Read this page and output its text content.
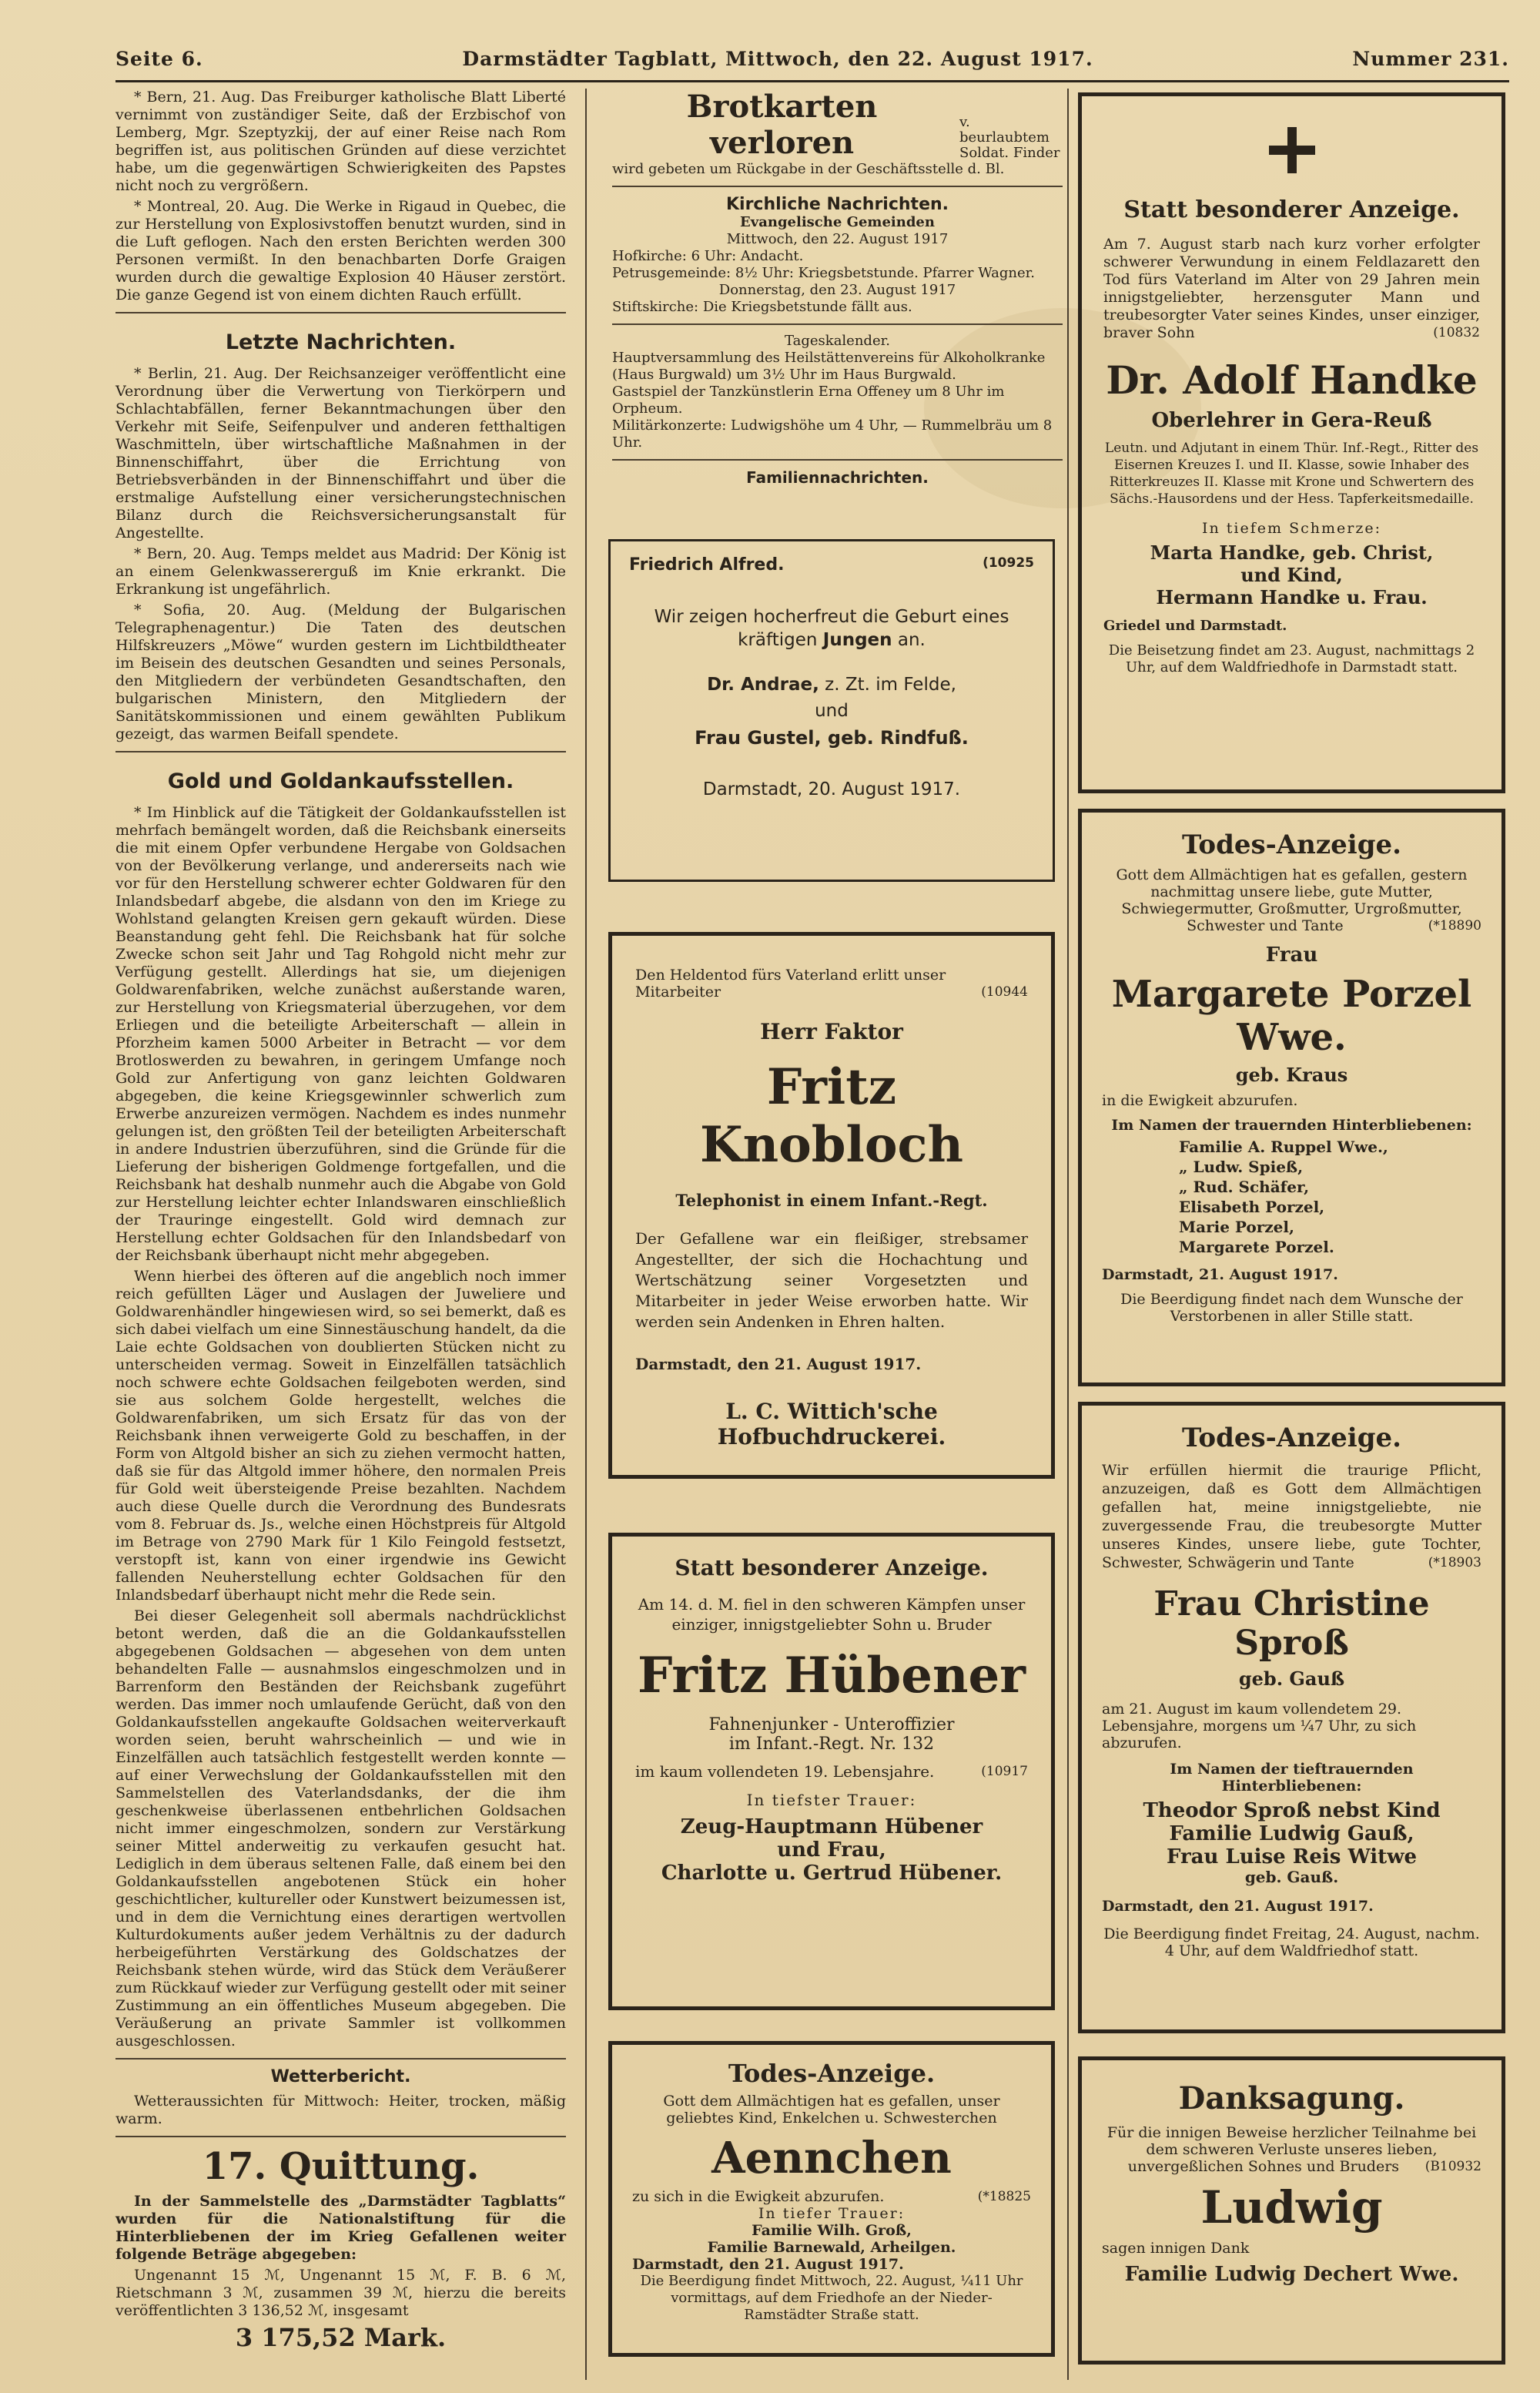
Seite 6.	Darmstädter Tagblatt, Mittwoch, den 22. August 1917.	Nummer 231.

* Bern, 21. Aug. Das Freiburger katholische Blatt Liberté vernimmt von zuständiger Seite, daß der Erzbischof von Lemberg, Mgr. Szeptyzkij, der auf einer Reise nach Rom begriffen ist, aus politischen Gründen auf diese verzichtet habe, um die gegenwärtigen Schwierigkeiten des Papstes nicht noch zu vergrößern.

* Montreal, 20. Aug. Die Werke in Rigaud in Quebec, die zur Herstellung von Explosivstoffen benutzt wurden, sind in die Luft geflogen. Nach den ersten Berichten werden 300 Personen vermißt. In den benachbarten Dorfe Graigen wurden durch die gewaltige Explosion 40 Häuser zerstört. Die ganze Gegend ist von einem dichten Rauch erfüllt.

Letzte Nachrichten.

* Berlin, 21. Aug. Der Reichsanzeiger veröffentlicht eine Verordnung über die Verwertung von Tierkörpern und Schlachtabfällen, ferner Bekanntmachungen über den Verkehr mit Seife, Seifenpulver und anderen fetthaltigen Waschmitteln, über wirtschaftliche Maßnahmen in der Binnenschiffahrt, über die Errichtung von Betriebsverbänden in der Binnenschiffahrt und über die erstmalige Aufstellung einer versicherungstechnischen Bilanz durch die Reichsversicherungsanstalt für Angestellte.

* Bern, 20. Aug. Temps meldet aus Madrid: Der König ist an einem Gelenkwassererguß im Knie erkrankt. Die Erkrankung ist ungefährlich.

* Sofia, 20. Aug. (Meldung der Bulgarischen Telegraphenagentur.) Die Taten des deutschen Hilfskreuzers „Möwe“ wurden gestern im Lichtbildtheater im Beisein des deutschen Gesandten und seines Personals, den Mitgliedern der verbündeten Gesandtschaften, den bulgarischen Ministern, den Mitgliedern der Sanitätskommissionen und einem gewählten Publikum gezeigt, das warmen Beifall spendete.

Gold und Goldankaufsstellen.

* Im Hinblick auf die Tätigkeit der Goldankaufsstellen ist mehrfach bemängelt worden, daß die Reichsbank einerseits die mit einem Opfer verbundene Hergabe von Goldsachen von der Bevölkerung verlange, und andererseits nach wie vor für den Herstellung schwerer echter Goldwaren für den Inlandsbedarf abgebe, die alsdann von den im Kriege zu Wohlstand gelangten Kreisen gern gekauft würden. Diese Beanstandung geht fehl. Die Reichsbank hat für solche Zwecke schon seit Jahr und Tag Rohgold nicht mehr zur Verfügung gestellt. Allerdings hat sie, um diejenigen Goldwarenfabriken, welche zunächst außerstande waren, zur Herstellung von Kriegsmaterial überzugehen, vor dem Erliegen und die beteiligte Arbeiterschaft — allein in Pforzheim kamen 5000 Arbeiter in Betracht — vor dem Brotloswerden zu bewahren, in geringem Umfange noch Gold zur Anfertigung von ganz leichten Goldwaren abgegeben, die keine Kriegsgewinnler schwerlich zum Erwerbe anzureizen vermögen. Nachdem es indes nunmehr gelungen ist, den größten Teil der beteiligten Arbeiterschaft in andere Industrien überzuführen, sind die Gründe für die Lieferung der bisherigen Goldmenge fortgefallen, und die Reichsbank hat deshalb nunmehr auch die Abgabe von Gold zur Herstellung leichter echter Inlandswaren einschließlich der Trauringe eingestellt. Gold wird demnach zur Herstellung echter Goldsachen für den Inlandsbedarf von der Reichsbank überhaupt nicht mehr abgegeben.

Wenn hierbei des öfteren auf die angeblich noch immer reich gefüllten Läger und Auslagen der Juweliere und Goldwarenhändler hingewiesen wird, so sei bemerkt, daß es sich dabei vielfach um eine Sinnestäuschung handelt, da die Laie echte Goldsachen von doublierten Stücken nicht zu unterscheiden vermag. Soweit in Einzelfällen tatsächlich noch schwere echte Goldsachen feilgeboten werden, sind sie aus solchem Golde hergestellt, welches die Goldwarenfabriken, um sich Ersatz für das von der Reichsbank ihnen verweigerte Gold zu beschaffen, in der Form von Altgold bisher an sich zu ziehen vermocht hatten, daß sie für das Altgold immer höhere, den normalen Preis für Gold weit übersteigende Preise bezahlten. Nachdem auch diese Quelle durch die Verordnung des Bundesrats vom 8. Februar ds. Js., welche einen Höchstpreis für Altgold im Betrage von 2790 Mark für 1 Kilo Feingold festsetzt, verstopft ist, kann von einer irgendwie ins Gewicht fallenden Neuherstellung echter Goldsachen für den Inlandsbedarf überhaupt nicht mehr die Rede sein.

Bei dieser Gelegenheit soll abermals nachdrücklichst betont werden, daß die an die Goldankaufsstellen abgegebenen Goldsachen — abgesehen von dem unten behandelten Falle — ausnahmslos eingeschmolzen und in Barrenform den Beständen der Reichsbank zugeführt werden. Das immer noch umlaufende Gerücht, daß von den Goldankaufsstellen angekaufte Goldsachen weiterverkauft worden seien, beruht wahrscheinlich — und wie in Einzelfällen auch tatsächlich festgestellt werden konnte — auf einer Verwechslung der Goldankaufsstellen mit den Sammelstellen des Vaterlandsdanks, der die ihm geschenkweise überlassenen entbehrlichen Goldsachen nicht immer eingeschmolzen, sondern zur Verstärkung seiner Mittel anderweitig zu verkaufen gesucht hat. Lediglich in dem überaus seltenen Falle, daß einem bei den Goldankaufsstellen angebotenen Stück ein hoher geschichtlicher, kultureller oder Kunstwert beizumessen ist, und in dem die Vernichtung eines derartigen wertvollen Kulturdokuments außer jedem Verhältnis zu der dadurch herbeigeführten Verstärkung des Goldschatzes der Reichsbank stehen würde, wird das Stück dem Veräußerer zum Rückkauf wieder zur Verfügung gestellt oder mit seiner Zustimmung an ein öffentliches Museum abgegeben. Die Veräußerung an private Sammler ist vollkommen ausgeschlossen.

Wetterbericht.

Wetteraussichten für Mittwoch: Heiter, trocken, mäßig warm.

17. Quittung.

In der Sammelstelle des „Darmstädter Tagblatts“ wurden für die Nationalstiftung für die Hinterbliebenen der im Krieg Gefallenen weiter folgende Beträge abgegeben:

Ungenannt 15 ℳ, Ungenannt 15 ℳ, F. B. 6 ℳ, Rietschmann 3 ℳ, zusammen 39 ℳ, hierzu die bereits veröffentlichten 3 136,52 ℳ, insgesamt

3 175,52 Mark.
Brotkarten verloren
v. beurlaubtem
Soldat. Finder

wird gebeten um Rückgabe in der Geschäftsstelle d. Bl.

Kirchliche Nachrichten.
Evangelische Gemeinden
Mittwoch, den 22. August 1917

Hofkirche: 6 Uhr: Andacht.

Petrusgemeinde: 8½ Uhr: Kriegsbetstunde. Pfarrer Wagner.

Donnerstag, den 23. August 1917

Stiftskirche: Die Kriegsbetstunde fällt aus.

Tageskalender.

Hauptversammlung des Heilstättenvereins für Alkoholkranke (Haus Burgwald) um 3½ Uhr im Haus Burgwald.

Gastspiel der Tanzkünstlerin Erna Offeney um 8 Uhr im Orpheum.

Militärkonzerte: Ludwigshöhe um 4 Uhr, — Rummelbräu um 8 Uhr.

Familiennachrichten.
Friedrich Alfred.	(10925

Wir zeigen hocherfreut die Geburt eines kräftigen Jungen an.

Dr. Andrae, z. Zt. im Felde,

und

Frau Gustel, geb. Rindfuß.

Darmstadt, 20. August 1917.

Den Heldentod fürs Vaterland erlitt unser Mitarbeiter	(10944

Herr Faktor

Fritz Knobloch

Telephonist in einem Infant.-Regt.

Der Gefallene war ein fleißiger, strebsamer Angestellter, der sich die Hochachtung und Wertschätzung seiner Vorgesetzten und Mitarbeiter in jeder Weise erworben hatte. Wir werden sein Andenken in Ehren halten.

Darmstadt, den 21. August 1917.

L. C. Wittich'sche Hofbuchdruckerei.

Statt besonderer Anzeige.

Am 14. d. M. fiel in den schweren Kämpfen unser einziger, innigstgeliebter Sohn u. Bruder

Fritz Hübener

Fahnenjunker - Unteroffizier

im Infant.-Regt. Nr. 132

im kaum vollendeten 19. Lebensjahre.	(10917

In tiefster Trauer:

Zeug-Hauptmann Hübener

und Frau,

Charlotte u. Gertrud Hübener.

Todes-Anzeige.

Gott dem Allmächtigen hat es gefallen, unser geliebtes Kind, Enkelchen u. Schwesterchen

Aennchen

zu sich in die Ewigkeit abzurufen.	(*18825

In tiefer Trauer:

Familie Wilh. Groß,

Familie Barnewald, Arheilgen.

Darmstadt, den 21. August 1917.

Die Beerdigung findet Mittwoch, 22. August, ¼11 Uhr vormittags, auf dem Friedhofe an der Nieder-Ramstädter Straße statt.

Statt besonderer Anzeige.

Am 7. August starb nach kurz vorher erfolgter schwerer Verwundung in einem Feldlazarett den Tod fürs Vaterland im Alter von 29 Jahren mein innigstgeliebter, herzensguter Mann und treubesorgter Vater seines Kindes, unser einziger, braver Sohn	(10832

Dr. Adolf Handke

Oberlehrer in Gera-Reuß

Leutn. und Adjutant in einem Thür. Inf.-Regt., Ritter des Eisernen Kreuzes I. und II. Klasse, sowie Inhaber des Ritterkreuzes II. Klasse mit Krone und Schwertern des Sächs.-Hausordens und der Hess. Tapferkeitsmedaille.

In tiefem Schmerze:

Marta Handke, geb. Christ,

und Kind,

Hermann Handke u. Frau.

Griedel und Darmstadt.

Die Beisetzung findet am 23. August, nachmittags 2 Uhr, auf dem Waldfriedhofe in Darmstadt statt.

Todes-Anzeige.

Gott dem Allmächtigen hat es gefallen, gestern nachmittag unsere liebe, gute Mutter, Schwiegermutter, Großmutter, Urgroßmutter, Schwester und Tante	(*18890

Frau

Margarete Porzel Wwe.

geb. Kraus

in die Ewigkeit abzurufen.

Im Namen der trauernden Hinterbliebenen:

Familie A. Ruppel Wwe.,
„ Ludw. Spieß,
„ Rud. Schäfer,
Elisabeth Porzel,
Marie Porzel,
Margarete Porzel.

Darmstadt, 21. August 1917.

Die Beerdigung findet nach dem Wunsche der Verstorbenen in aller Stille statt.

Todes-Anzeige.

Wir erfüllen hiermit die traurige Pflicht, anzuzeigen, daß es Gott dem Allmächtigen gefallen hat, meine innigstgeliebte, nie zuvergessende Frau, die treubesorgte Mutter unseres Kindes, unsere liebe, gute Tochter, Schwester, Schwägerin und Tante	(*18903

Frau Christine Sproß

geb. Gauß

am 21. August im kaum vollendetem 29. Lebensjahre, morgens um ¼7 Uhr, zu sich abzurufen.

Im Namen der tieftrauernden Hinterbliebenen:

Theodor Sproß nebst Kind

Familie Ludwig Gauß,

Frau Luise Reis Witwe

geb. Gauß.

Darmstadt, den 21. August 1917.

Die Beerdigung findet Freitag, 24. August, nachm. 4 Uhr, auf dem Waldfriedhof statt.

Danksagung.

Für die innigen Beweise herzlicher Teilnahme bei dem schweren Verluste unseres lieben, unvergeßlichen Sohnes und Bruders (B10932

Ludwig

sagen innigen Dank

Familie Ludwig Dechert Wwe.
